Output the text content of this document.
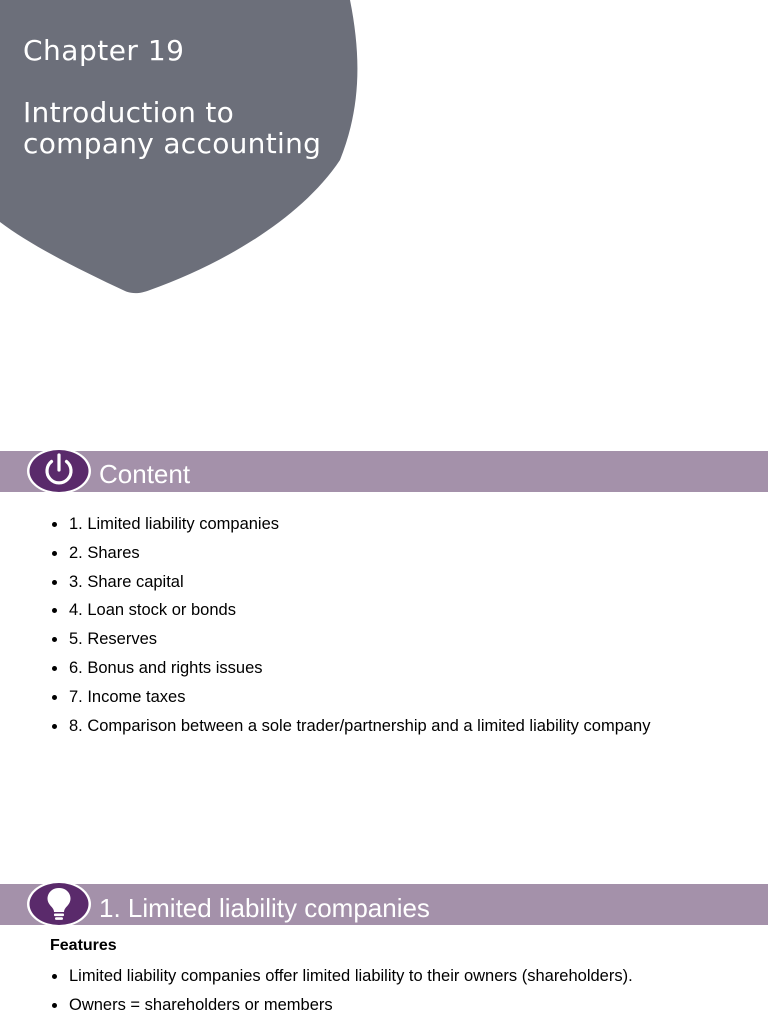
Chapter 19
Introduction to company accounting
Content
1. Limited liability companies
2. Shares
3. Share capital
4. Loan stock or bonds
5. Reserves
6. Bonus and rights issues
7. Income taxes
8. Comparison between a sole trader/partnership and a limited liability company
1. Limited liability companies
Features
Limited liability companies offer limited liability to their owners (shareholders).
Owners = shareholders or members
